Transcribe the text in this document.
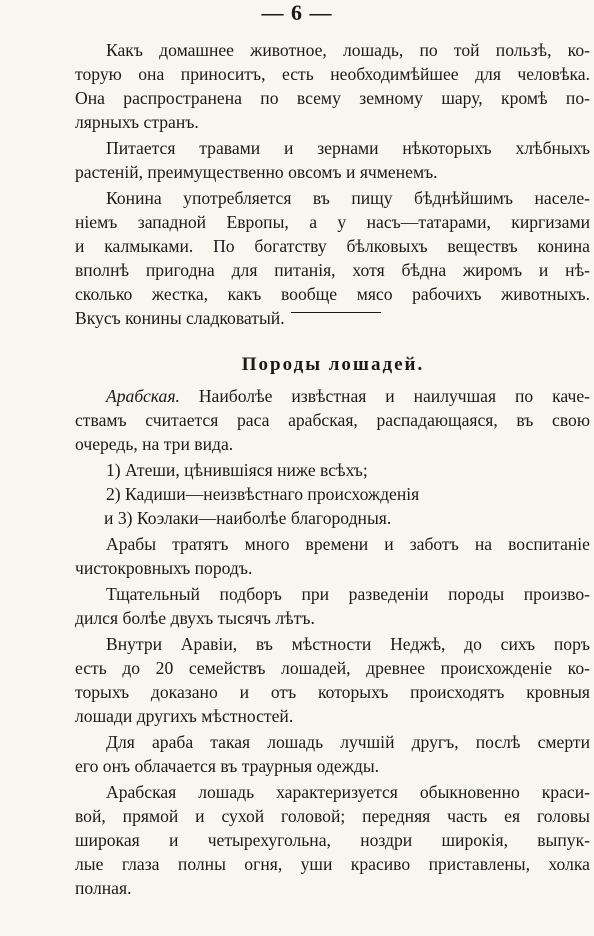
— 6 —
Какъ домашнее животное, лошадь, по той пользѣ, ко-
торую она приноситъ, есть необходимѣйшее для человѣка.
Она распространена по всему земному шару, кромѣ по-
лярныхъ странъ.
Питается травами и зернами нѣкоторыхъ хлѣбныхъ
растеній, преимущественно овсомъ и ячменемъ.
Конина употребляется въ пищу бѣднѣйшимъ населе-
ніемъ западной Европы, а у насъ—татарами, киргизами
и калмыками. По богатству бѣлковыхъ веществъ конина
вполнѣ пригодна для питанія, хотя бѣдна жиромъ и нѣ-
сколько жестка, какъ вообще мясо рабочихъ животныхъ.
Вкусъ конины сладковатый.
Породы лошадей.
Арабская. Наиболѣе извѣстная и наилучшая по каче-
ствамъ считается раса арабская, распадающаяся, въ свою
очередь, на три вида.
1) Атеши, цѣнившіяся ниже всѣхъ;
2) Кадиши—неизвѣстнаго происхожденія
и 3) Коэлаки—наиболѣе благородныя.
Арабы тратятъ много времени и заботъ на воспитаніе
чистокровныхъ породъ.
Тщательный подборъ при разведеніи породы произво-
дился болѣе двухъ тысячъ лѣтъ.
Внутри Аравіи, въ мѣстности Неджѣ, до сихъ поръ
есть до 20 семействъ лошадей, древнее происхожденіе ко-
торыхъ доказано и отъ которыхъ происходятъ кровныя
лошади другихъ мѣстностей.
Для араба такая лошадь лучшій другъ, послѣ смерти
его онъ облачается въ траурныя одежды.
Арабская лошадь характеризуется обыкновенно краси-
вой, прямой и сухой головой; передняя часть ея головы
широкая и четырехугольна, ноздри широкія, выпук-
лые глаза полны огня, уши красиво приставлены, холка
полная.
